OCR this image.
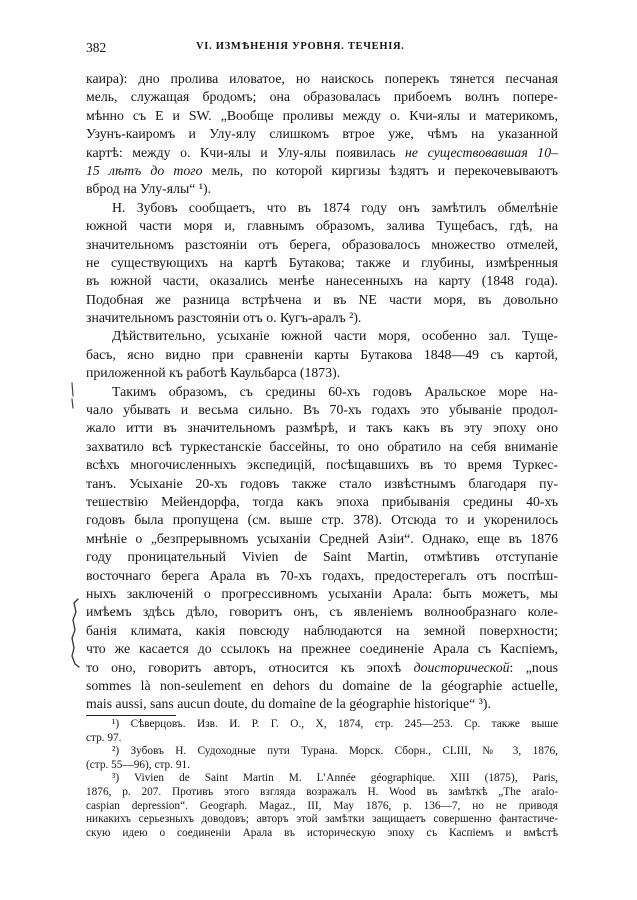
382	VI. ИЗМѢНЕНІЯ УРОВНЯ. ТЕЧЕНІЯ.

каира): дно пролива иловатое, но наискось поперекъ тянется песчаная
мель, служащая бродомъ; она образовалась прибоемъ волнъ попере-
мѣнно съ E и SW. „Вообще проливы между о. Кчи-ялы и материкомъ,
Узунъ-каиромъ и Улу-ялу слишкомъ втрое уже, чѣмъ на указанной
картѣ: между о. Кчи-ялы и Улу-ялы появилась не существовавшая 10–
15 лѣтъ до того мель, по которой киргизы ѣздятъ и перекочевываютъ
вброд на Улу-ялы“ ¹).

Н. Зубовъ сообщаетъ, что въ 1874 году онъ замѣтилъ обмелѣніе
южной части моря и, главнымъ образомъ, залива Тущебасъ, гдѣ, на
значительномъ разстояніи отъ берега, образовалось множество отмелей,
не существующихъ на картѣ Бутакова; также и глубины, измѣренныя
въ южной части, оказались менѣе нанесенныхъ на карту (1848 года).
Подобная же разница встрѣчена и въ NE части моря, въ довольно
значительномъ разстояніи отъ о. Кугъ-аралъ ²).

Дѣйствительно, усыханіе южной части моря, особенно зал. Тущe-
басъ, ясно видно при сравненіи карты Бутакова 1848—49 съ картой,
приложенной къ работѣ Каульбарса (1873).

Такимъ образомъ, съ средины 60-хъ годовъ Аральское море на-
чало убывать и весьма сильно. Въ 70-хъ годахъ это убываніе продол-
жало итти въ значительномъ размѣрѣ, и такъ какъ въ эту эпоху оно
захватило всѣ туркестанскіе бассейны, то оно обратило на себя вниманіе
всѣхъ многочисленныхъ экспедицій, посѣщавшихъ въ то время Туркес-
танъ. Усыханіе 20-хъ годовъ также стало извѣстнымъ благодаря пу-
тешествію Мейендорфа, тогда какъ эпоха прибыванія средины 40-хъ
годовъ была пропущена (см. выше стр. 378). Отсюда то и укоренилось
мнѣніе о „безпрерывномъ усыханіи Средней Азіи“. Однако, еще въ 1876
году проницательный Vivien de Saint Martin, отмѣтивъ отступаніе
восточнаго берега Арала въ 70-хъ годахъ, предостерегалъ отъ поспѣш-
ныхъ заключеній о прогрессивномъ усыханіи Арала: быть можетъ, мы
имѣемъ здѣсь дѣло, говоритъ онъ, съ явленіемъ волнообразнаго коле-
банія климата, какія повсюду наблюдаются на земной поверхности;
что же касается до ссылокъ на прежнее соединеніе Арала съ Каспіемъ,
то оно, говоритъ авторъ, относится къ эпохѣ доисторической: „nous
sommes là non-seulement en dehors du domaine de la géographie actuelle,
mais aussi, sans aucun doute, du domaine de la géographie historique“ ³).

¹) Сѣверцовъ. Изв. И. Р. Г. О., X, 1874, стр. 245—253. Ср. также выше
стр. 97.
²) Зубовъ Н. Судоходные пути Турана. Морск. Сборн., CLIII, № 3, 1876,
(стр. 55—96), стр. 91.
³) Vivien de Saint Martin M. L’Année géographique. XIII (1875), Paris,
1876, p. 207. Противъ этого взгляда возражалъ H. Wood въ замѣткѣ „The aralo-
caspian depression“. Geograph. Magaz., III, May 1876, p. 136—7, но не приводя
никакихъ серьезныхъ доводовъ; авторъ этой замѣтки защищаетъ совершенно фантастиче-
скую идею о соединеніи Арала въ историческую эпоху съ Каспіемъ и вмѣстѣ
